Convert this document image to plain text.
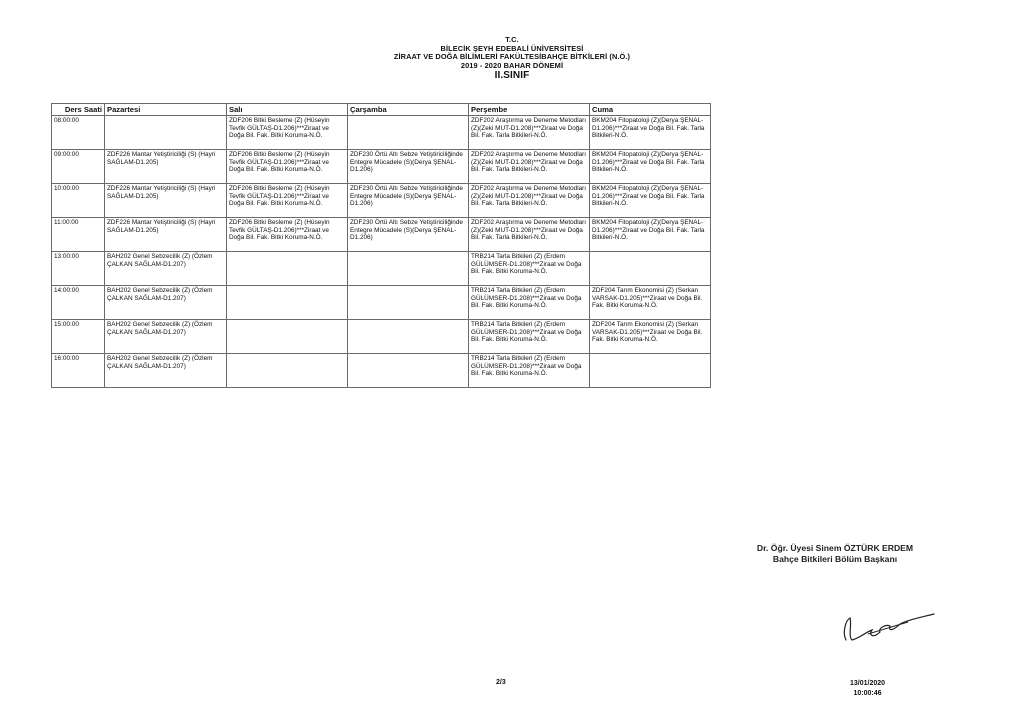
T.C.
BİLECİK ŞEYH EDEBALİ ÜNİVERSİTESİ
ZİRAAT VE DOĞA BİLİMLERİ FAKÜLTESİBAHÇE BİTKİLERİ (N.Ö.)
2019 - 2020 BAHAR DÖNEMİ
II.SINIF
Ders Saati	Pazartesi	Salı	Çarşamba	Perşembe	Cuma
08:00:00		ZDF206 Bitki Besleme (Z) (Hüseyin Tevfik GÜLTAŞ-D1.206)***Ziraat ve Doğa Bil. Fak. Bitki Koruma-N.Ö.		ZDF202 Araştırma ve Deneme Metodları (Z)(Zeki MUT-D1.208)***Ziraat ve Doğa Bil. Fak. Tarla Bitkileri-N.Ö.	BKM204 Fitopatoloji (Z)(Derya ŞENAL-D1.206)***Ziraat ve Doğa Bil. Fak. Tarla Bitkileri-N.Ö.
09:00:00	ZDF226 Mantar Yetiştiriciliği (S) (Hayri SAĞLAM-D1.205)	ZDF206 Bitki Besleme (Z) (Hüseyin Tevfik GÜLTAŞ-D1.206)***Ziraat ve Doğa Bil. Fak. Bitki Koruma-N.Ö.	ZDF230 Örtü Altı Sebze Yetiştiriciliğinde Entegre Mücadele (S)(Derya ŞENAL-D1.206)	ZDF202 Araştırma ve Deneme Metodları (Z)(Zeki MUT-D1.208)***Ziraat ve Doğa Bil. Fak. Tarla Bitkileri-N.Ö.	BKM204 Fitopatoloji (Z)(Derya ŞENAL-D1.206)***Ziraat ve Doğa Bil. Fak. Tarla Bitkileri-N.Ö.
10:00:00	ZDF226 Mantar Yetiştiriciliği (S) (Hayri SAĞLAM-D1.205)	ZDF206 Bitki Besleme (Z) (Hüseyin Tevfik GÜLTAŞ-D1.206)***Ziraat ve Doğa Bil. Fak. Bitki Koruma-N.Ö.	ZDF230 Örtü Altı Sebze Yetiştiriciliğinde Entegre Mücadele (S)(Derya ŞENAL-D1.206)	ZDF202 Araştırma ve Deneme Metodları (Z)(Zeki MUT-D1.208)***Ziraat ve Doğa Bil. Fak. Tarla Bitkileri-N.Ö.	BKM204 Fitopatoloji (Z)(Derya ŞENAL-D1.206)***Ziraat ve Doğa Bil. Fak. Tarla Bitkileri-N.Ö.
11:00:00	ZDF226 Mantar Yetiştiriciliği (S) (Hayri SAĞLAM-D1.205)	ZDF206 Bitki Besleme (Z) (Hüseyin Tevfik GÜLTAŞ-D1.206)***Ziraat ve Doğa Bil. Fak. Bitki Koruma-N.Ö.	ZDF230 Örtü Altı Sebze Yetiştiriciliğinde Entegre Mücadele (S)(Derya ŞENAL-D1.206)	ZDF202 Araştırma ve Deneme Metodları (Z)(Zeki MUT-D1.208)***Ziraat ve Doğa Bil. Fak. Tarla Bitkileri-N.Ö.	BKM204 Fitopatoloji (Z)(Derya ŞENAL-D1.206)***Ziraat ve Doğa Bil. Fak. Tarla Bitkileri-N.Ö.
13:00:00	BAH202 Genel Sebzecilik (Z) (Özlem ÇALKAN SAĞLAM-D1.207)			TRB214 Tarla Bitkileri (Z) (Erdem GÜLÜMSER-D1.208)***Ziraat ve Doğa Bil. Fak. Bitki Koruma-N.Ö.	
14:00:00	BAH202 Genel Sebzecilik (Z) (Özlem ÇALKAN SAĞLAM-D1.207)			TRB214 Tarla Bitkileri (Z) (Erdem GÜLÜMSER-D1.208)***Ziraat ve Doğa Bil. Fak. Bitki Koruma-N.Ö.	ZDF204 Tarım Ekonomisi (Z) (Serkan VARSAK-D1.205)***Ziraat ve Doğa Bil. Fak. Bitki Koruma-N.Ö.
15:00:00	BAH202 Genel Sebzecilik (Z) (Özlem ÇALKAN SAĞLAM-D1.207)			TRB214 Tarla Bitkileri (Z) (Erdem GÜLÜMSER-D1.208)***Ziraat ve Doğa Bil. Fak. Bitki Koruma-N.Ö.	ZDF204 Tarım Ekonomisi (Z) (Serkan VARSAK-D1.205)***Ziraat ve Doğa Bil. Fak. Bitki Koruma-N.Ö.
16:00:00	BAH202 Genel Sebzecilik (Z) (Özlem ÇALKAN SAĞLAM-D1.207)			TRB214 Tarla Bitkileri (Z) (Erdem GÜLÜMSER-D1.208)***Ziraat ve Doğa Bil. Fak. Bitki Koruma-N.Ö.	
Dr. Öğr. Üyesi Sinem ÖZTÜRK ERDEM
Bahçe Bitkileri Bölüm Başkanı
2/3	13/01/2020
10:00:46
